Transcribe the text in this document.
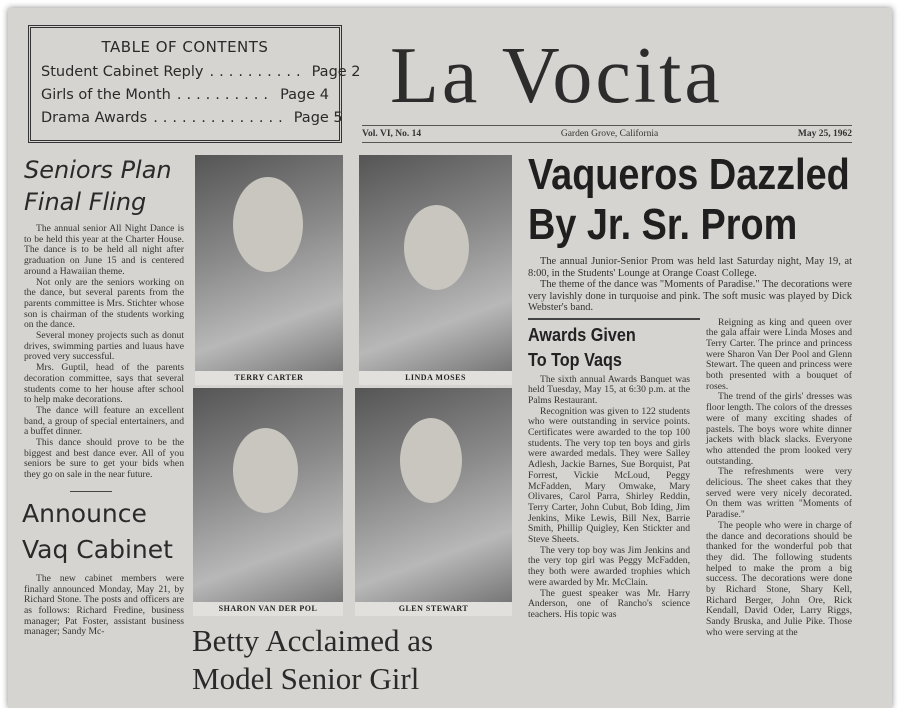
TABLE OF CONTENTS
Student Cabinet Reply .......... Page 2
Girls of the Month .......... Page 4
Drama Awards .............. Page 5 La Vocita
Vol. VI, No. 14	Garden Grove, California	May 25, 1962
Seniors Plan
Final Fling

The annual senior All Night Dance is to be held this year at the Charter House. The dance is to be held all night after graduation on June 15 and is centered around a Hawaiian theme.

Not only are the seniors working on the dance, but several parents from the parents committee is Mrs. Stichter whose son is chairman of the students working on the dance.

Several money projects such as donut drives, swimming parties and luaus have proved very successful.

Mrs. Guptil, head of the parents decoration committee, says that several students come to her house after school to help make decorations.

The dance will feature an excellent band, a group of special entertainers, and a buffet dinner.

This dance should prove to be the biggest and best dance ever. All of you seniors be sure to get your bids when they go on sale in the near future.

Announce
Vaq Cabinet

The new cabinet members were finally announced Monday, May 21, by Richard Stone. The posts and officers are as follows: Richard Fredine, business manager; Pat Foster, assistant business manager; Sandy Mc-

TERRY CARTER	LINDA MOSES
SHARON VAN DER POL	GLEN STEWART
Betty Acclaimed as
Model Senior Girl
Vaqueros Dazzled
By Jr. Sr. Prom

The annual Junior-Senior Prom was held last Saturday night, May 19, at 8:00, in the Students' Lounge at Orange Coast College.

The theme of the dance was "Moments of Paradise." The decorations were very lavishly done in turquoise and pink. The soft music was played by Dick Webster's band.

Awards Given
To Top Vaqs

The sixth annual Awards Banquet was held Tuesday, May 15, at 6:30 p.m. at the Palms Restaurant.

Recognition was given to 122 students who were outstanding in service points. Certificates were awarded to the top 100 students. The very top ten boys and girls were awarded medals. They were Salley Adlesh, Jackie Barnes, Sue Borquist, Pat Forrest, Vickie McLoud, Peggy McFadden, Mary Omwake, Mary Olivares, Carol Parra, Shirley Reddin, Terry Carter, John Cubut, Bob Iding, Jim Jenkins, Mike Lewis, Bill Nex, Barrie Smith, Phillip Quigley, Ken Stickter and Steve Sheets.

The very top boy was Jim Jenkins and the very top girl was Peggy McFadden, they both were awarded trophies which were awarded by Mr. McClain.

The guest speaker was Mr. Harry Anderson, one of Rancho's science teachers. His topic was

Reigning as king and queen over the gala affair were Linda Moses and Terry Carter. The prince and princess were Sharon Van Der Pool and Glenn Stewart. The queen and princess were both presented with a bouquet of roses.

The trend of the girls' dresses was floor length. The colors of the dresses were of many exciting shades of pastels. The boys wore white dinner jackets with black slacks. Everyone who attended the prom looked very outstanding.

The refreshments were very delicious. The sheet cakes that they served were very nicely decorated. On them was written "Moments of Paradise."

The people who were in charge of the dance and decorations should be thanked for the wonderful pob that they did. The following students helped to make the prom a big success. The decorations were done by Richard Stone, Shary Kell, Richard Berger, John Ore, Rick Kendall, David Oder, Larry Riggs, Sandy Bruska, and Julie Pike. Those who were serving at the
